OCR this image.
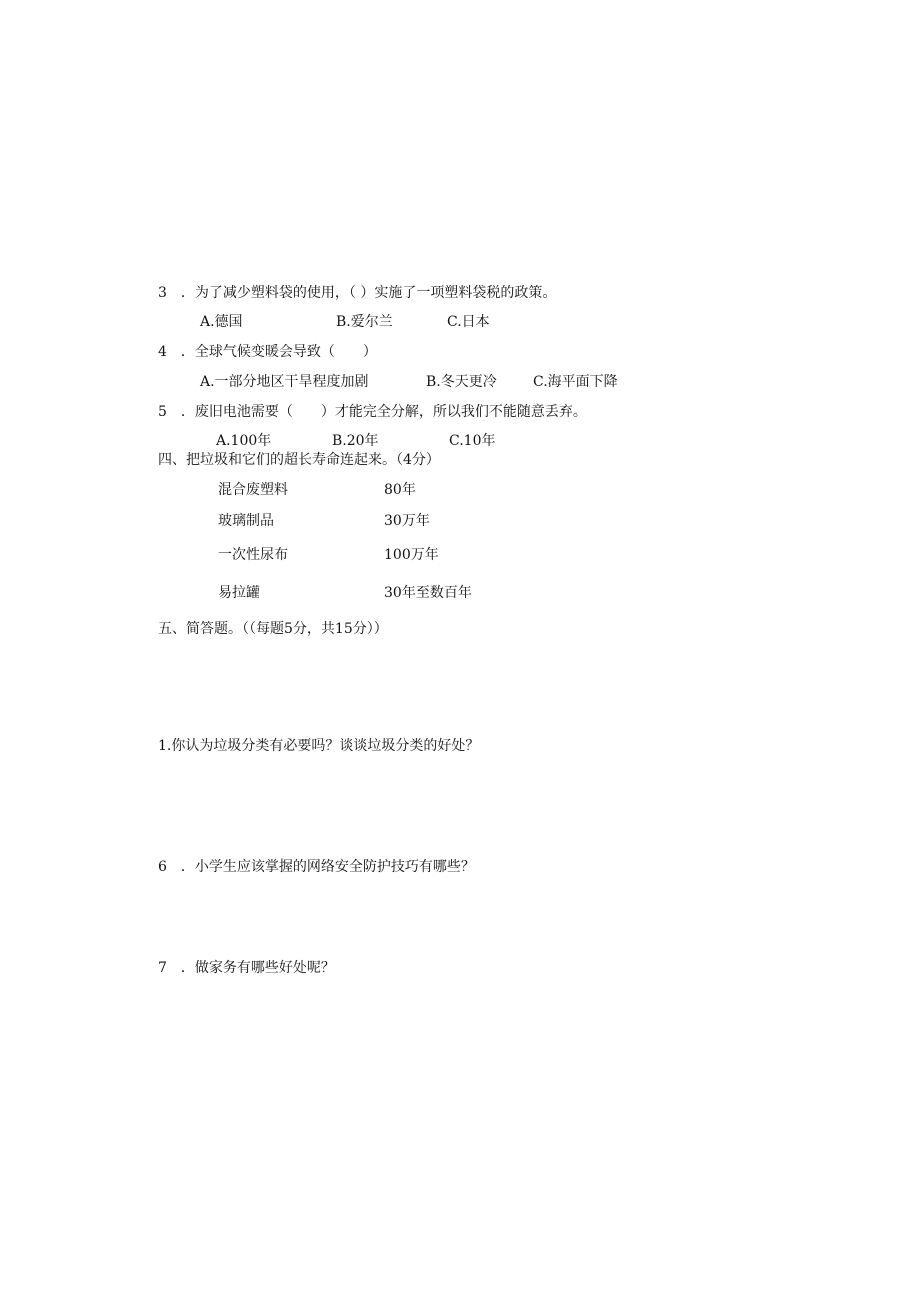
3　．为了减少塑料袋的使用，（ ）实施了一项塑料袋税的政策。
A.德国	B.爱尔兰	C.日本
4　．全球气候变暖会导致（　　）
A.一部分地区干旱程度加剧	B.冬天更冷	C.海平面下降
5　．废旧电池需要（　　）才能完全分解，所以我们不能随意丢弃。
A.100年	B.20年	C.10年
四、把垃圾和它们的超长寿命连起来。（4分）
混合废塑料	80年
玻璃制品	30万年
一次性尿布	100万年
易拉罐	30年至数百年
五、简答题。（（每题5分，共15分））
1.你认为垃圾分类有必要吗？谈谈垃圾分类的好处？
6　．小学生应该掌握的网络安全防护技巧有哪些？
7　．做家务有哪些好处呢？
